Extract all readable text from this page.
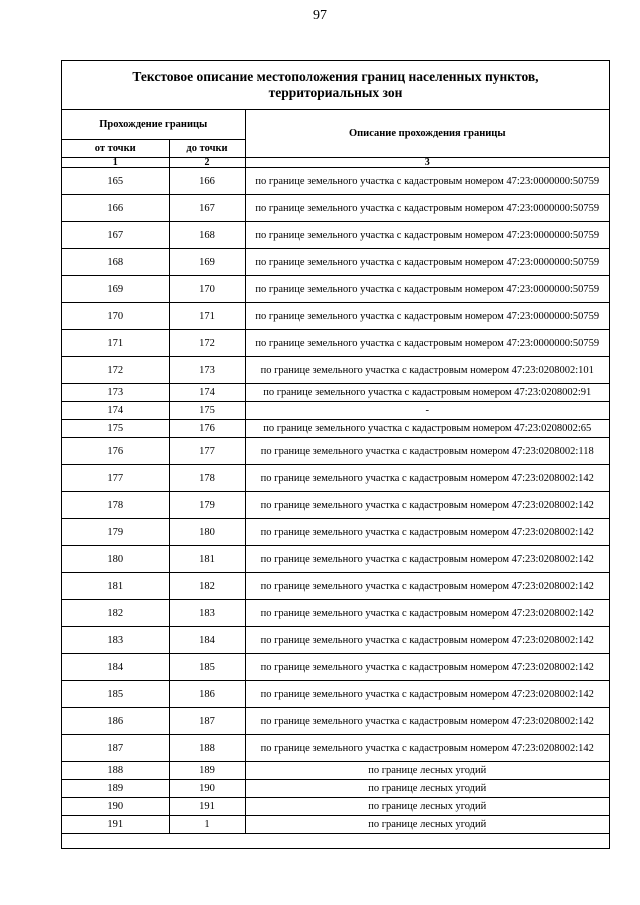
97
Текстовое описание местоположения границ населенных пунктов,
территориальных зон
Прохождение границы		Описание прохождения границы
от точки	до точки	
1	2	3
165	166	по границе земельного участка с кадастровым номером 47:23:0000000:50759
166	167	по границе земельного участка с кадастровым номером 47:23:0000000:50759
167	168	по границе земельного участка с кадастровым номером 47:23:0000000:50759
168	169	по границе земельного участка с кадастровым номером 47:23:0000000:50759
169	170	по границе земельного участка с кадастровым номером 47:23:0000000:50759
170	171	по границе земельного участка с кадастровым номером 47:23:0000000:50759
171	172	по границе земельного участка с кадастровым номером 47:23:0000000:50759
172	173	по границе земельного участка с кадастровым номером 47:23:0208002:101
173	174	по границе земельного участка с кадастровым номером 47:23:0208002:91
174	175	-
175	176	по границе земельного участка с кадастровым номером 47:23:0208002:65
176	177	по границе земельного участка с кадастровым номером 47:23:0208002:118
177	178	по границе земельного участка с кадастровым номером 47:23:0208002:142
178	179	по границе земельного участка с кадастровым номером 47:23:0208002:142
179	180	по границе земельного участка с кадастровым номером 47:23:0208002:142
180	181	по границе земельного участка с кадастровым номером 47:23:0208002:142
181	182	по границе земельного участка с кадастровым номером 47:23:0208002:142
182	183	по границе земельного участка с кадастровым номером 47:23:0208002:142
183	184	по границе земельного участка с кадастровым номером 47:23:0208002:142
184	185	по границе земельного участка с кадастровым номером 47:23:0208002:142
185	186	по границе земельного участка с кадастровым номером 47:23:0208002:142
186	187	по границе земельного участка с кадастровым номером 47:23:0208002:142
187	188	по границе земельного участка с кадастровым номером 47:23:0208002:142
188	189	по границе лесных угодий
189	190	по границе лесных угодий
190	191	по границе лесных угодий
191	1	по границе лесных угодий
